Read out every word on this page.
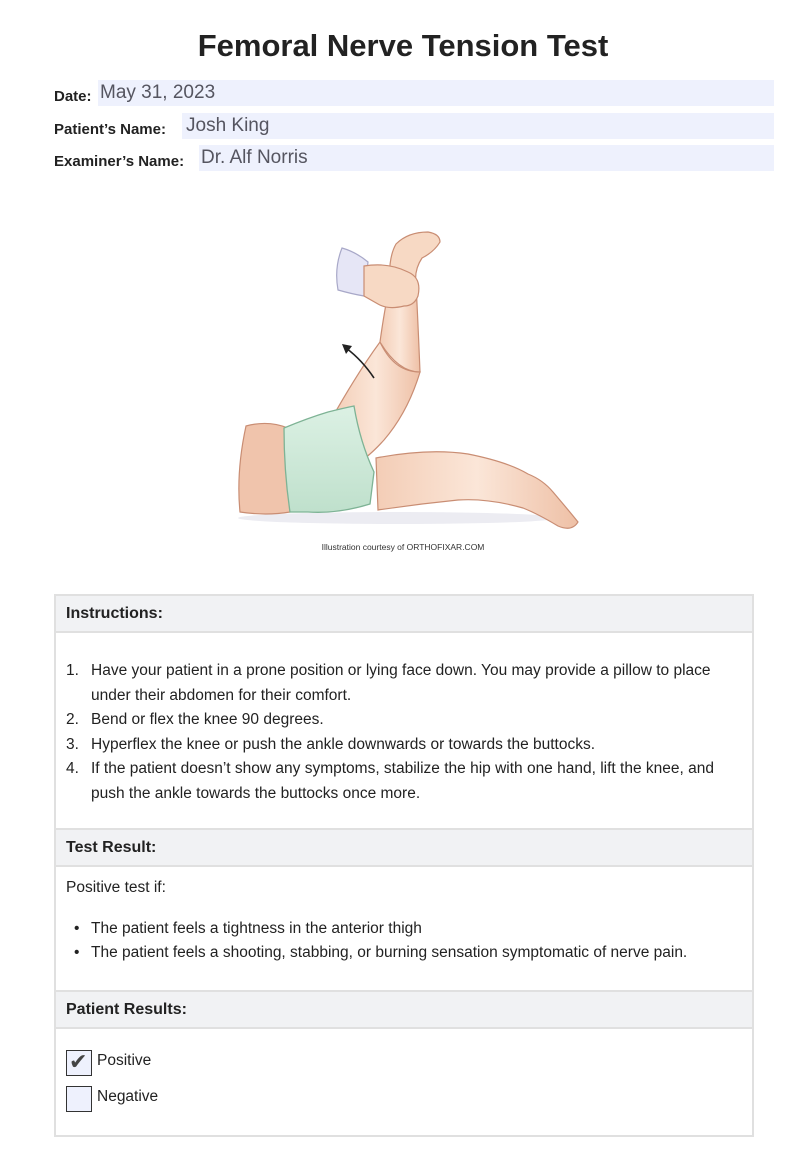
Femoral Nerve Tension Test
Date: May 31, 2023
Patient’s Name: Josh King
Examiner’s Name: Dr. Alf Norris
Illustration courtesy of ORTHOFIXAR.COM
Instructions:
1. Have your patient in a prone position or lying face down. You may provide a pillow to place under their abdomen for their comfort.
2. Bend or flex the knee 90 degrees.
3. Hyperflex the knee or push the ankle downwards or towards the buttocks.
4. If the patient doesn’t show any symptoms, stabilize the hip with one hand, lift the knee, and push the ankle towards the buttocks once more.
Test Result:
Positive test if:
• The patient feels a tightness in the anterior thigh
• The patient feels a shooting, stabbing, or burning sensation symptomatic of nerve pain.
Patient Results:
✔ Positive
Negative
